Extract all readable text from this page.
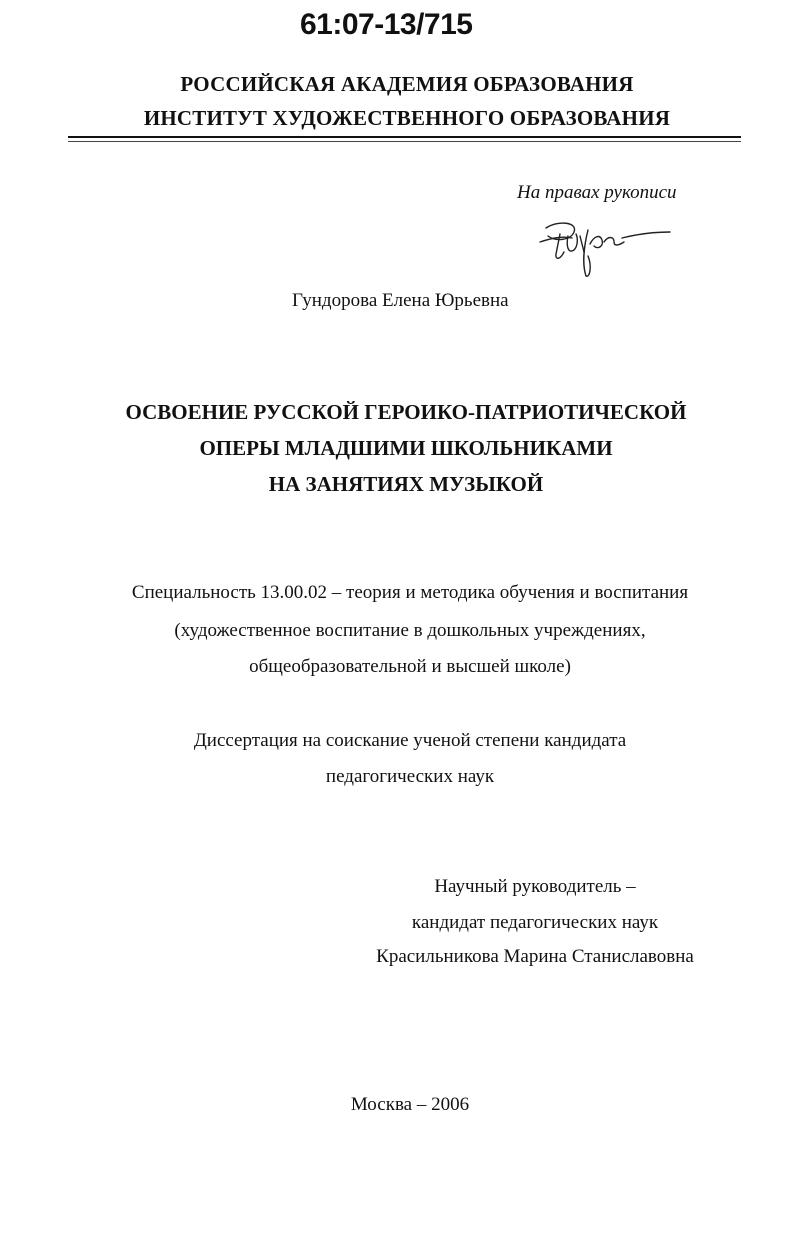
61:07-13/715
РОССИЙСКАЯ АКАДЕМИЯ ОБРАЗОВАНИЯ
ИНСТИТУТ ХУДОЖЕСТВЕННОГО ОБРАЗОВАНИЯ
На правах рукописи
Гундорова Елена Юрьевна
ОСВОЕНИЕ РУССКОЙ ГЕРОИКО-ПАТРИОТИЧЕСКОЙ
ОПЕРЫ МЛАДШИМИ ШКОЛЬНИКАМИ
НА ЗАНЯТИЯХ МУЗЫКОЙ
Специальность 13.00.02 – теория и методика обучения и воспитания
(художественное воспитание в дошкольных учреждениях,
общеобразовательной и высшей школе)
Диссертация на соискание ученой степени кандидата
педагогических наук
Научный руководитель –
кандидат педагогических наук
Красильникова Марина Станиславовна
Москва – 2006
